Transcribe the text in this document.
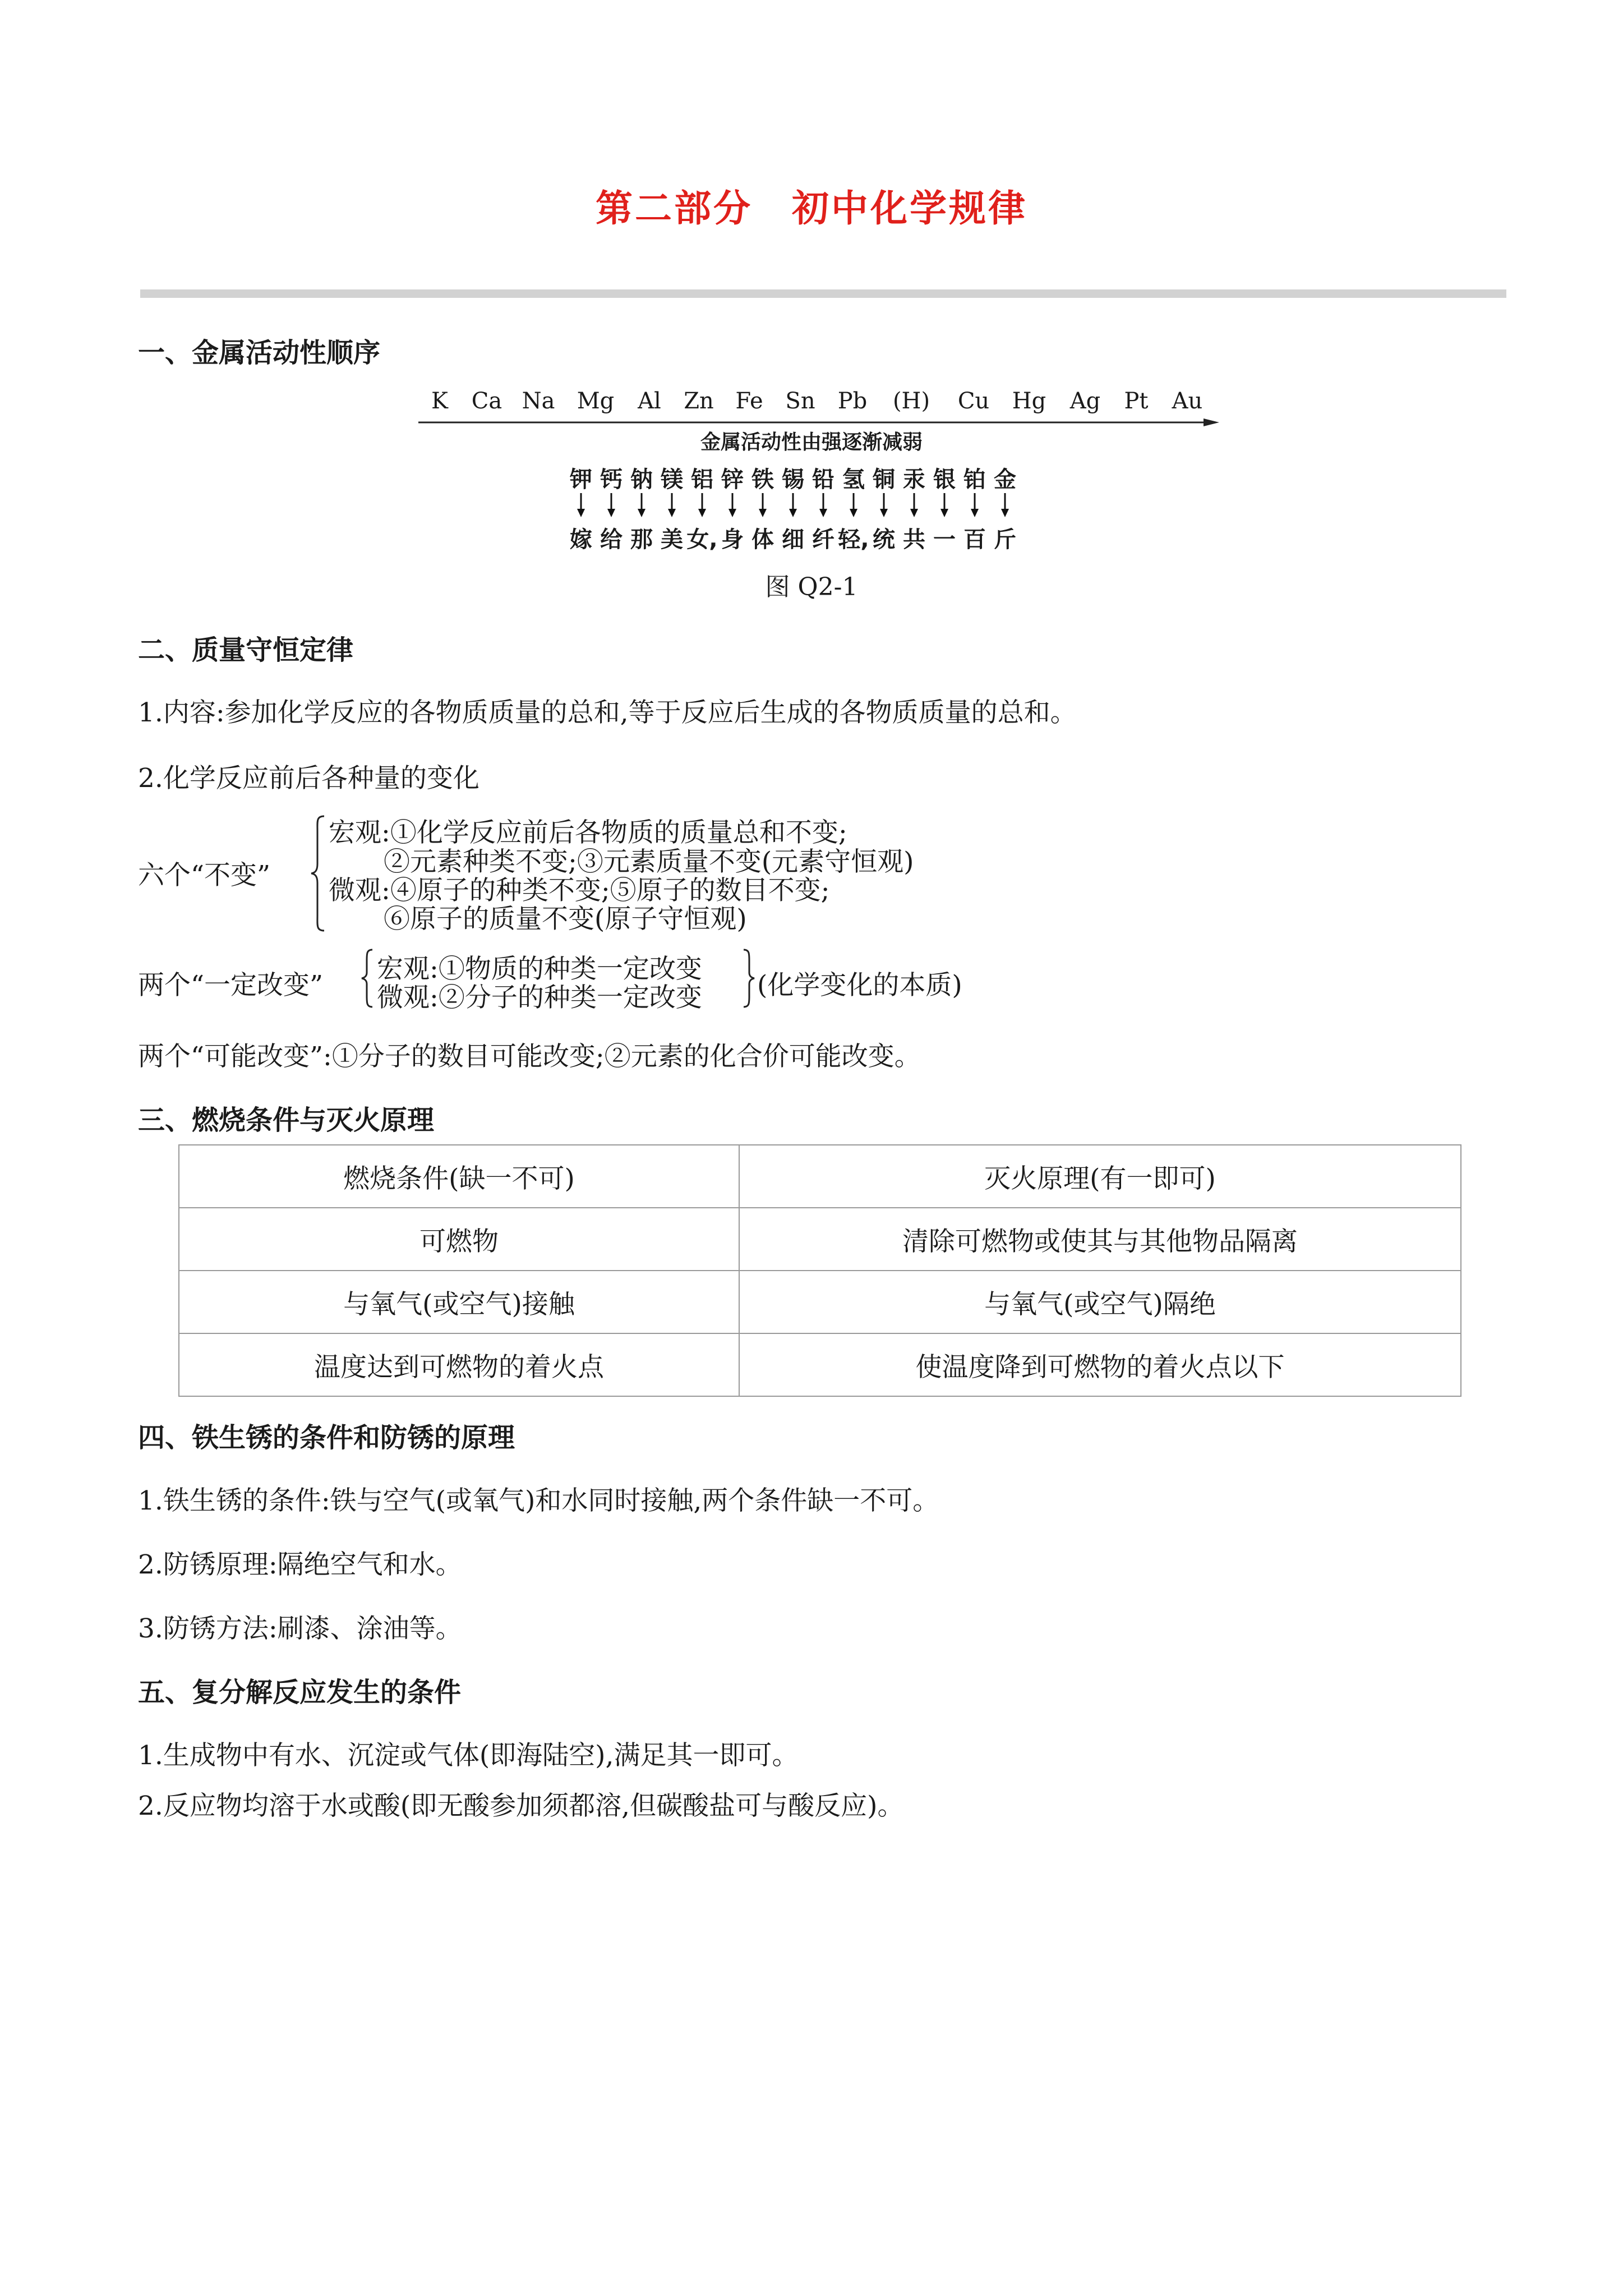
第二部分　初中化学规律
一、金属活动性顺序
K Ca Na Mg Al Zn Fe Sn Pb (H) Cu Hg Ag Pt Au
金属活动性由强逐渐减弱
钾 钙 钠 镁 铝 锌 铁 锡 铅 氢 铜 汞 银 铂 金
嫁 给 那 美 女, 身 体 细 纤 轻, 统 共 一 百 斤
图 Q2-1
二、质量守恒定律
1.内容:参加化学反应的各物质质量的总和,等于反应后生成的各物质质量的总和。
2.化学反应前后各种量的变化
六个“不变”
宏观:①化学反应前后各物质的质量总和不变;
②元素种类不变;③元素质量不变(元素守恒观)
微观:④原子的种类不变;⑤原子的数目不变;
⑥原子的质量不变(原子守恒观)
两个“一定改变”
宏观:①物质的种类一定改变
微观:②分子的种类一定改变 (化学变化的本质)
两个“可能改变”:①分子的数目可能改变;②元素的化合价可能改变。
三、燃烧条件与灭火原理
燃烧条件(缺一不可)	灭火原理(有一即可)
可燃物	清除可燃物或使其与其他物品隔离
与氧气(或空气)接触	与氧气(或空气)隔绝
温度达到可燃物的着火点	使温度降到可燃物的着火点以下
四、铁生锈的条件和防锈的原理
1.铁生锈的条件:铁与空气(或氧气)和水同时接触,两个条件缺一不可。
2.防锈原理:隔绝空气和水。
3.防锈方法:刷漆、涂油等。
五、复分解反应发生的条件
1.生成物中有水、沉淀或气体(即海陆空),满足其一即可。
2.反应物均溶于水或酸(即无酸参加须都溶,但碳酸盐可与酸反应)。
